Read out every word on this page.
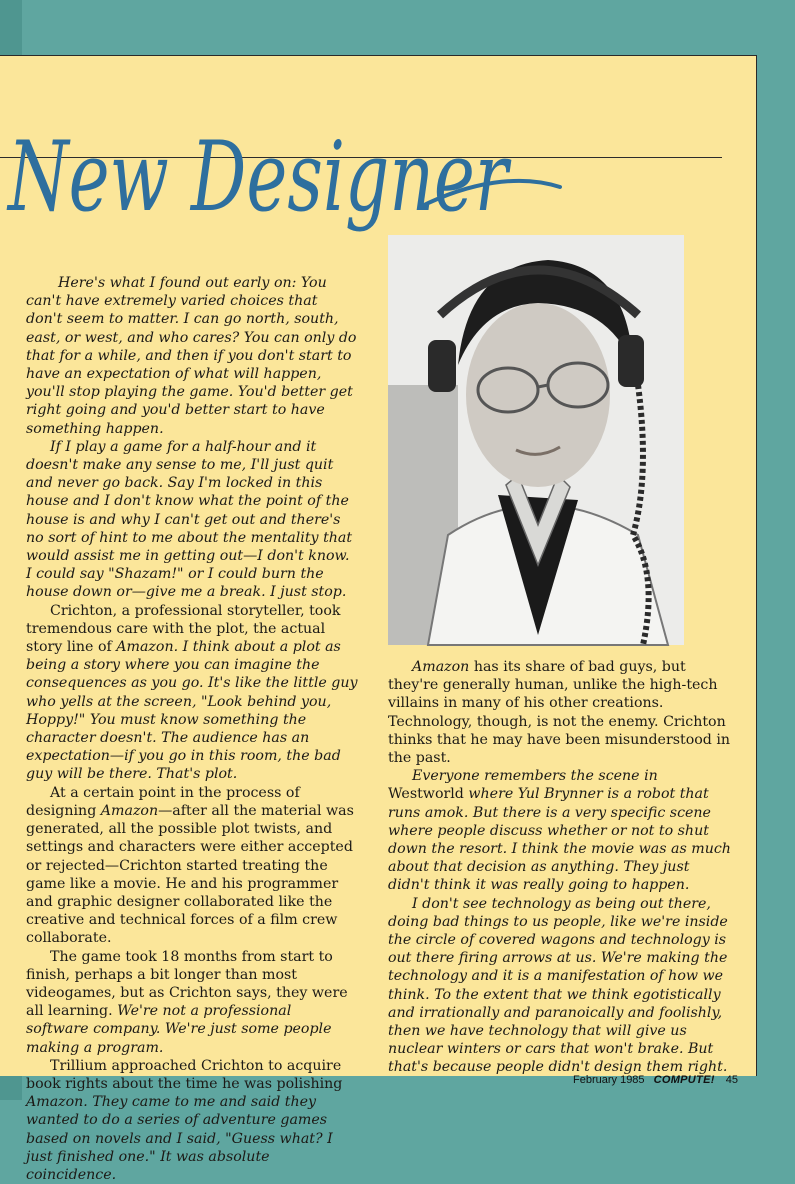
New Designer

Here's what I found out early on: You can't have extremely varied choices that don't seem to matter. I can go north, south, east, or west, and who cares? You can only do that for a while, and then if you don't start to have an expectation of what will happen, you'll stop playing the game. You'd better get right going and you'd better start to have something happen.

If I play a game for a half-hour and it doesn't make any sense to me, I'll just quit and never go back. Say I'm locked in this house and I don't know what the point of the house is and why I can't get out and there's no sort of hint to me about the mentality that would assist me in getting out—I don't know. I could say "Shazam!" or I could burn the house down or—give me a break. I just stop.

Crichton, a professional storyteller, took tremendous care with the plot, the actual story line of Amazon. I think about a plot as being a story where you can imagine the consequences as you go. It's like the little guy who yells at the screen, "Look behind you, Hoppy!" You must know something the character doesn't. The audience has an expectation—if you go in this room, the bad guy will be there. That's plot.

At a certain point in the process of designing Amazon—after all the material was generated, all the possible plot twists, and settings and characters were either accepted or rejected—Crichton started treating the game like a movie. He and his programmer and graphic designer collaborated like the creative and technical forces of a film crew collaborate.

The game took 18 months from start to finish, perhaps a bit longer than most videogames, but as Crichton says, they were all learning. We're not a professional software company. We're just some people making a program.

Trillium approached Crichton to acquire book rights about the time he was polishing Amazon. They came to me and said they wanted to do a series of adventure games based on novels and I said, "Guess what? I just finished one." It was absolute coincidence.

Amazon has its share of bad guys, but they're generally human, unlike the high-tech villains in many of his other creations. Technology, though, is not the enemy. Crichton thinks that he may have been misunderstood in the past.

Everyone remembers the scene in Westworld where Yul Brynner is a robot that runs amok. But there is a very specific scene where people discuss whether or not to shut down the resort. I think the movie was as much about that decision as anything. They just didn't think it was really going to happen.

I don't see technology as being out there, doing bad things to us people, like we're inside the circle of covered wagons and technology is out there firing arrows at us. We're making the technology and it is a manifestation of how we think. To the extent that we think egotistically and irrationally and paranoically and foolishly, then we have technology that will give us nuclear winters or cars that won't brake. But that's because people didn't design them right.

February 1985 COMPUTE! 45
